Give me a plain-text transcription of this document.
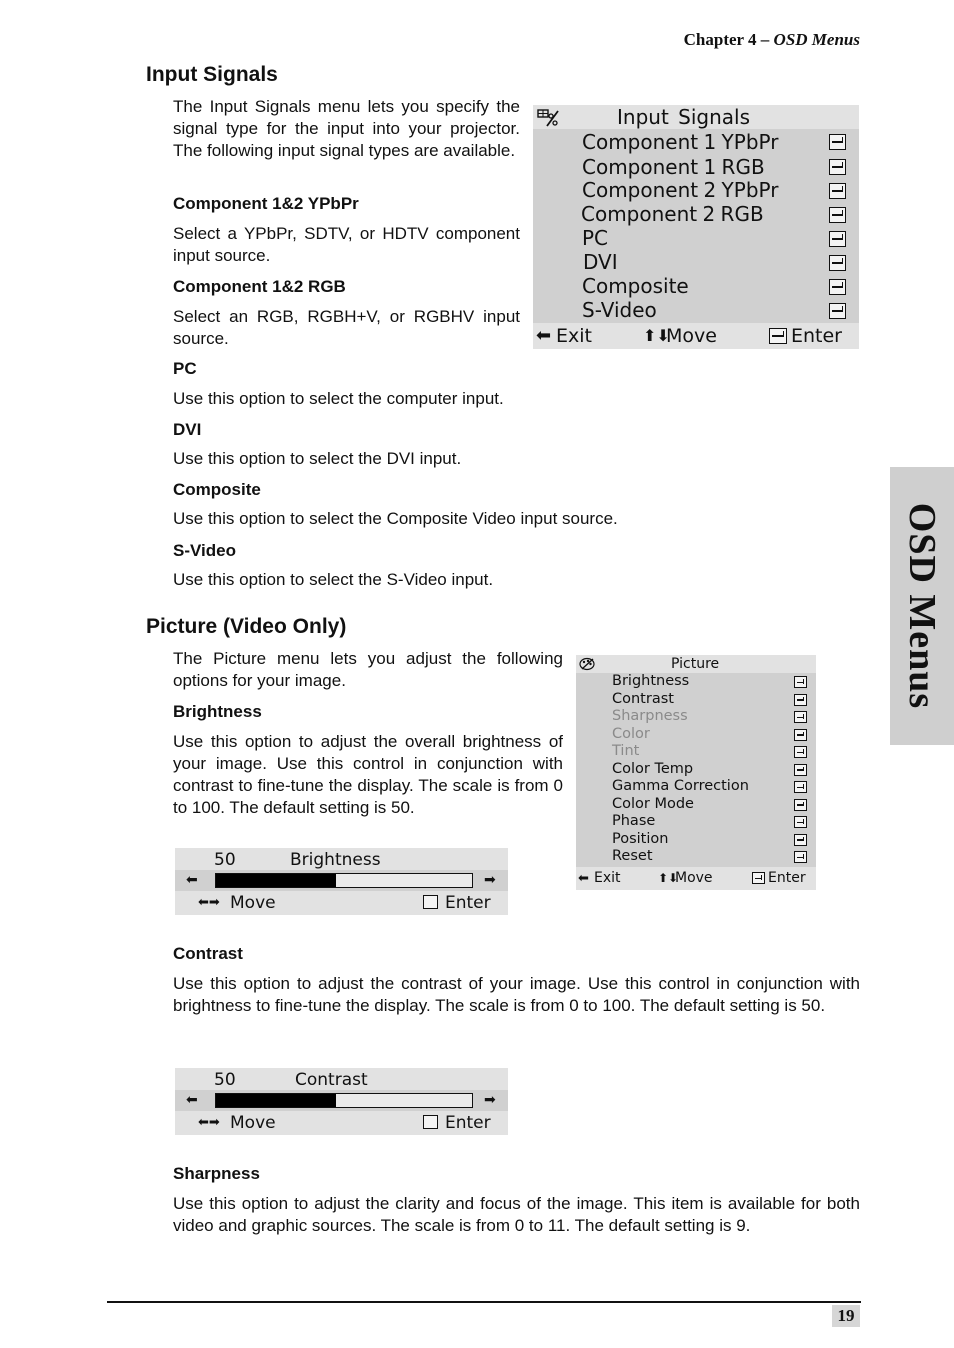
Chapter 4 – OSD Menus
OSD Menus
Input Signals
The Input Signals menu lets you specify the signal type for the input into your projector. The following input signal types are available.
Component 1&2 YPbPr
Select a YPbPr, SDTV, or HDTV component input source.
Component 1&2 RGB
Select an RGB, RGBH+V, or RGBHV input source.
PC
Use this option to select the computer input.
DVI
Use this option to select the DVI input.
Composite
Use this option to select the Composite Video input source.
S-Video
Use this option to select the S-Video input.
Input Signals
Component 1 YPbPr
Component 1 RGB
Component 2 YPbPr
Component 2 RGB
PC
DVI
Composite
S-Video
⬅ Exit	⬆⬇
Move	Enter
Picture (Video Only)
The Picture menu lets you adjust the following options for your image.
Brightness
Use this option to adjust the overall brightness of your image. Use this control in conjunction with contrast to fine-tune the display. The scale is from 0 to 100. The default setting is 50.
Picture
Brightness
Contrast
Sharpness
Color
Tint
Color Temp
Gamma Correction
Color Mode
Phase
Position
Reset
⬅ Exit	⬆⬇
Move	Enter
50	Brightness
⬅	➡
⬅➡ Move	Enter
Contrast
Use this option to adjust the contrast of your image. Use this control in conjunction with brightness to fine-tune the display. The scale is from 0 to 100. The default setting is 50.
50	Contrast
⬅	➡
⬅➡ Move	Enter
Sharpness
Use this option to adjust the clarity and focus of the image. This item is available for both video and graphic sources. The scale is from 0 to 11. The default setting is 9.
19
